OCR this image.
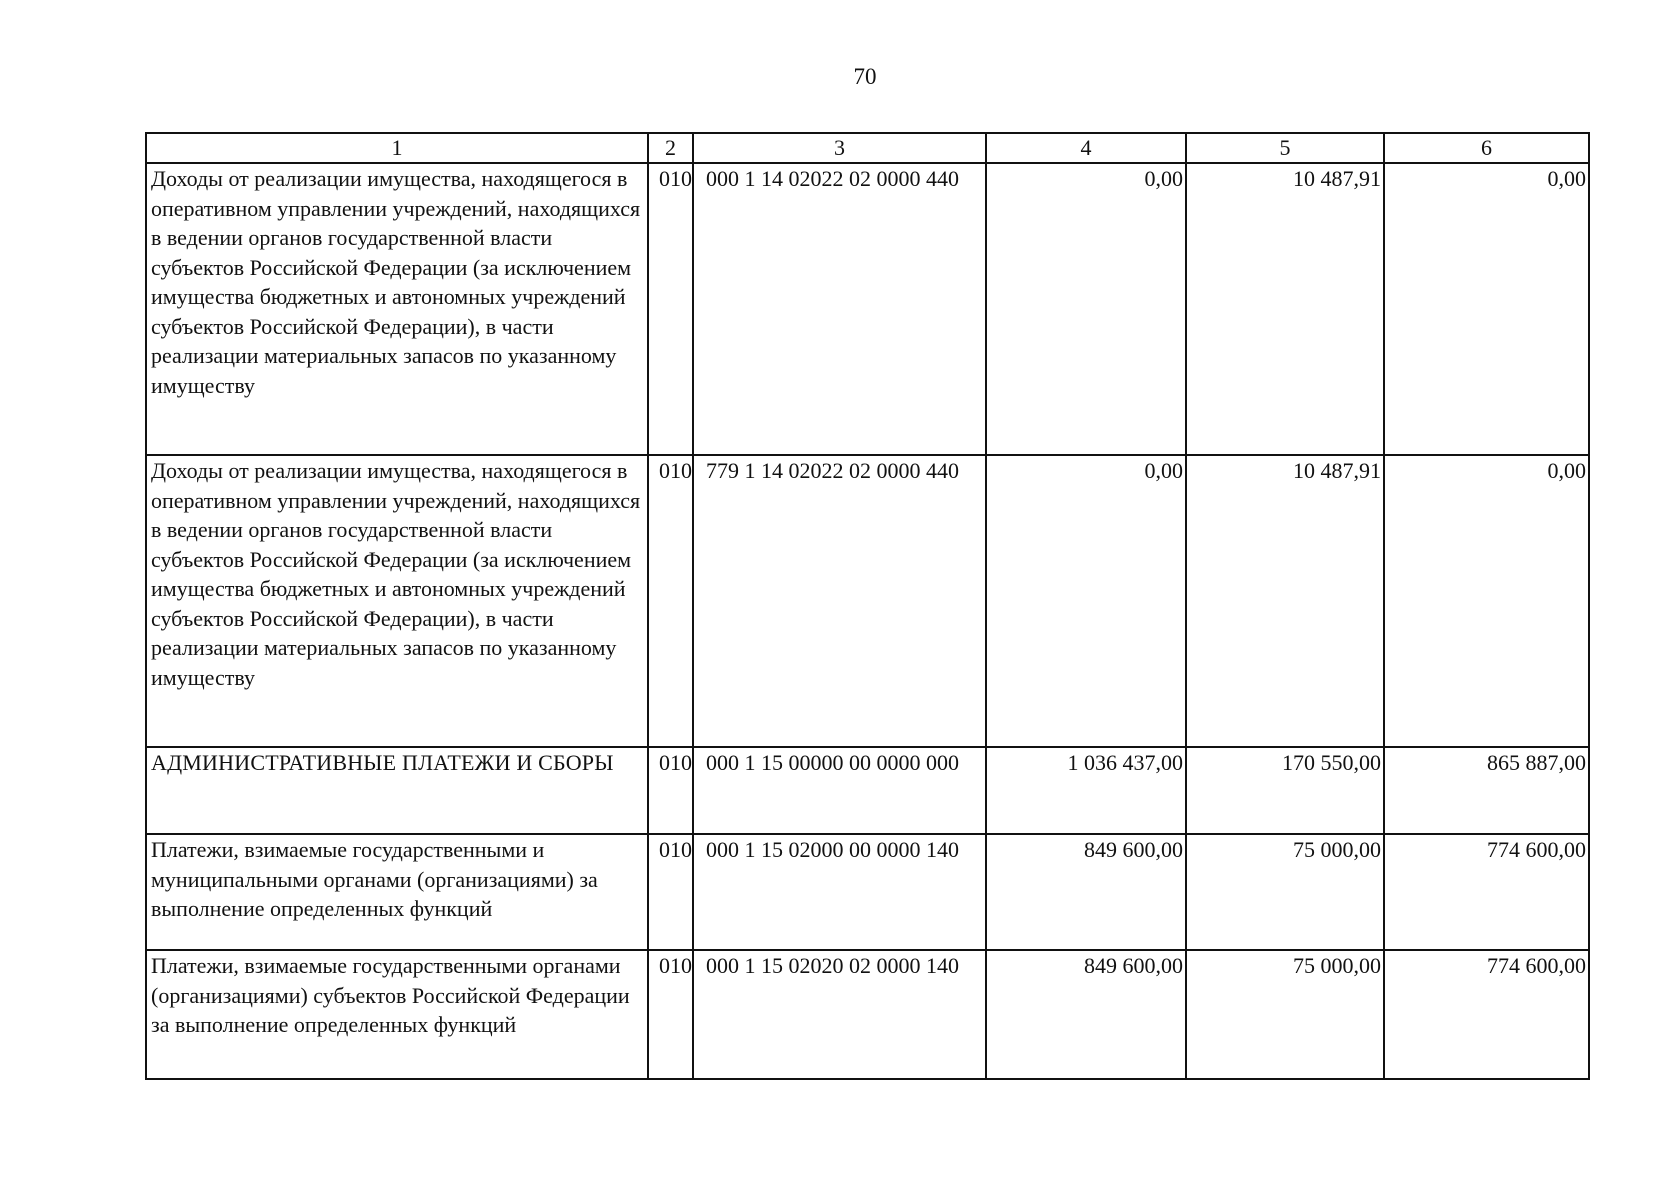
70
1	2	3	4	5	6
Доходы от реализации имущества, находящегося в оперативном управлении учреждений, находящихся в ведении органов государственной власти субъектов Российской Федерации (за исключением имущества бюджетных и автономных учреждений субъектов Российской Федерации), в части реализации материальных запасов по указанному имуществу	010	000 1 14 02022 02 0000 440	0,00	10 487,91	0,00
Доходы от реализации имущества, находящегося в оперативном управлении учреждений, находящихся в ведении органов государственной власти субъектов Российской Федерации (за исключением имущества бюджетных и автономных учреждений субъектов Российской Федерации), в части реализации материальных запасов по указанному имуществу	010	779 1 14 02022 02 0000 440	0,00	10 487,91	0,00
АДМИНИСТРАТИВНЫЕ ПЛАТЕЖИ И СБОРЫ	010	000 1 15 00000 00 0000 000	1 036 437,00	170 550,00	865 887,00
Платежи, взимаемые государственными и муниципальными органами (организациями) за выполнение определенных функций	010	000 1 15 02000 00 0000 140	849 600,00	75 000,00	774 600,00
Платежи, взимаемые государственными органами (организациями) субъектов Российской Федерации за выполнение определенных функций	010	000 1 15 02020 02 0000 140	849 600,00	75 000,00	774 600,00
